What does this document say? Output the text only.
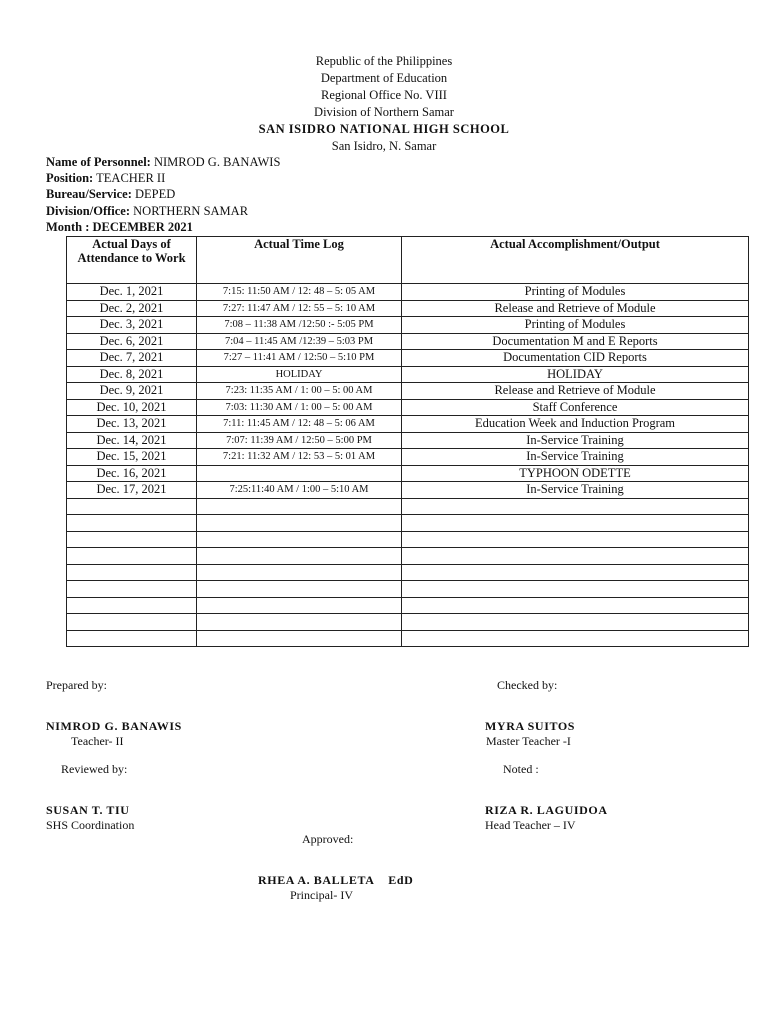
Republic of the Philippines
Department of Education
Regional Office No. VIII
Division of Northern Samar
SAN ISIDRO NATIONAL HIGH SCHOOL
San Isidro, N. Samar
Name of Personnel: NIMROD G. BANAWIS
Position: TEACHER II
Bureau/Service: DEPED
Division/Office: NORTHERN SAMAR
Month : DECEMBER 2021
Actual Days of Attendance to Work	Actual Time Log	Actual Accomplishment/Output
Dec. 1, 2021	7:15: 11:50 AM / 12: 48 – 5: 05 AM	Printing of Modules
Dec. 2, 2021	7:27: 11:47 AM / 12: 55 – 5: 10 AM	Release and Retrieve of Module
Dec. 3, 2021	7:08 – 11:38 AM /12:50 :- 5:05 PM	Printing of Modules
Dec. 6, 2021	7:04 – 11:45 AM /12:39 – 5:03 PM	Documentation M and E Reports
Dec. 7, 2021	7:27 – 11:41 AM / 12:50 – 5:10 PM	Documentation CID Reports
Dec. 8, 2021	HOLIDAY	HOLIDAY
Dec. 9, 2021	7:23: 11:35 AM / 1: 00 – 5: 00 AM	Release and Retrieve of Module
Dec. 10, 2021	7:03: 11:30 AM / 1: 00 – 5: 00 AM	Staff Conference
Dec. 13, 2021	7:11: 11:45 AM / 12: 48 – 5: 06 AM	Education Week and Induction Program
Dec. 14, 2021	7:07: 11:39 AM / 12:50 – 5:00 PM	In-Service Training
Dec. 15, 2021	7:21: 11:32 AM / 12: 53 – 5: 01 AM	In-Service Training
Dec. 16, 2021		TYPHOON ODETTE
Dec. 17, 2021	7:25:11:40 AM / 1:00 – 5:10 AM	In-Service Training

Prepared by:	Checked by:
NIMROD G. BANAWIS
Teacher- II
MYRA SUITOS
Master Teacher -I
Reviewed by:	Noted :
SUSAN T. TIU
SHS Coordination
RIZA R. LAGUIDOA
Head Teacher – IV
Approved:
RHEA A. BALLETA    EdD
Principal- IV
